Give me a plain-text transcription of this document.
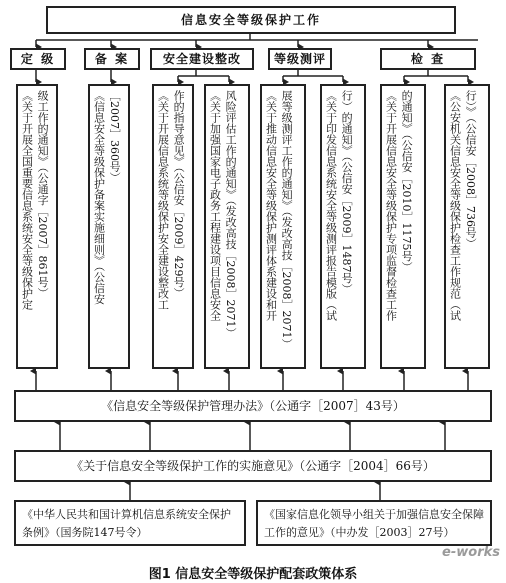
信息安全等级保护工作
定 级	备 案	安全建设整改	等级测评	检 查
《关于开展全国重要信息系统安全等级保护定 级工作的通知》（公通字［2007］861号）	《信息安全等级保护备案实施细则》（公信安 ［2007］360号）	《关于开展信息系统等级保护安全建设整改工 作的指导意见》（公信安［2009］429号） 《关于加强国家电子政务工程建设项目信息安全 风险评估工作的通知》（发改高技［2008］2071） 《关于推动信息安全等级保护测评体系建设和开 展等级测评工作的通知》（发改高技［2008］2071）	《关于印发信息系统安全等级测评报告模版（试 行）的通知》（公信安［2009］1487号）	《关于开展信息安全等级保护专项监督检查工作 的通知》（公信安［2010］1175号）	《公安机关信息安全等级保护检查工作规范（试 行）》（公信安［2008］736号）
《信息安全等级保护管理办法》（公通字［2007］43号）
《关于信息安全等级保护工作的实施意见》（公通字［2004］66号）
《中华人民共和国计算机信息系统安全保护条例》（国务院147号令）
《国家信息化领导小组关于加强信息安全保障工作的意见》（中办发［2003］27号）
e-works
图1 信息安全等级保护配套政策体系
